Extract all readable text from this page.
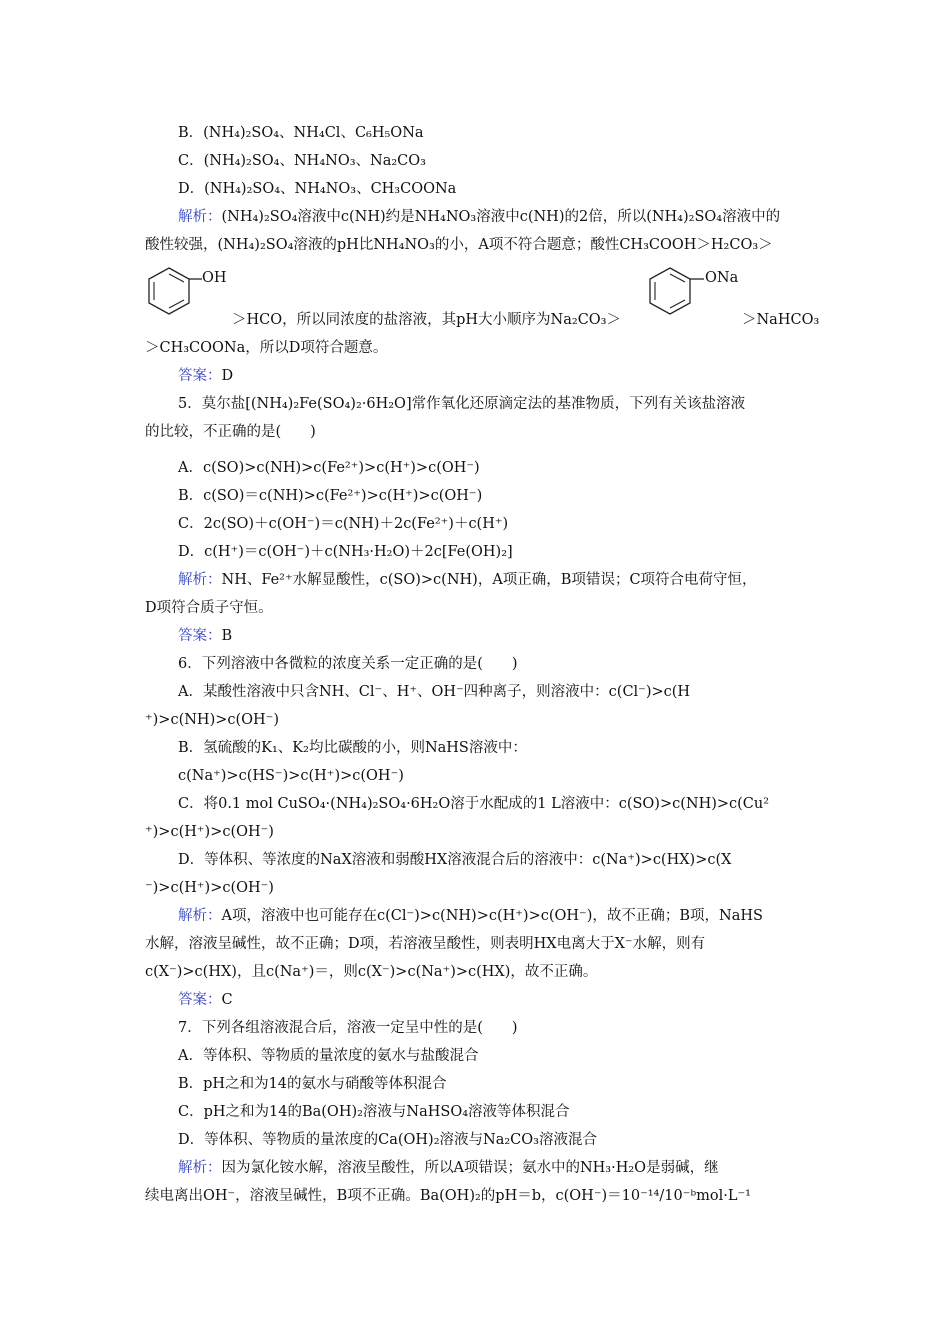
B．(NH₄)₂SO₄、NH₄Cl、C₆H₅ONa
C．(NH₄)₂SO₄、NH₄NO₃、Na₂CO₃
D．(NH₄)₂SO₄、NH₄NO₃、CH₃COONa
解析：(NH₄)₂SO₄溶液中c(NH)约是NH₄NO₃溶液中c(NH)的2倍，所以(NH₄)₂SO₄溶液中的
酸性较强，(NH₄)₂SO₄溶液的pH比NH₄NO₃的小，A项不符合题意；酸性CH₃COOH＞H₂CO₃＞
＞HCO，所以同浓度的盐溶液，其pH大小顺序为Na₂CO₃＞	＞NaHCO₃
＞CH₃COONa，所以D项符合题意。
答案：D
5．莫尔盐[(NH₄)₂Fe(SO₄)₂·6H₂O]常作氧化还原滴定法的基准物质，下列有关该盐溶液
的比较，不正确的是(　　)
A．c(SO)>c(NH)>c(Fe²⁺)>c(H⁺)>c(OH⁻)
B．c(SO)＝c(NH)>c(Fe²⁺)>c(H⁺)>c(OH⁻)
C．2c(SO)＋c(OH⁻)＝c(NH)＋2c(Fe²⁺)＋c(H⁺)
D．c(H⁺)＝c(OH⁻)＋c(NH₃·H₂O)＋2c[Fe(OH)₂]
解析：NH、Fe²⁺水解显酸性，c(SO)>c(NH)，A项正确，B项错误；C项符合电荷守恒，
D项符合质子守恒。
答案：B
6．下列溶液中各微粒的浓度关系一定正确的是(　　)
A．某酸性溶液中只含NH、Cl⁻、H⁺、OH⁻四种离子，则溶液中：c(Cl⁻)>c(H
⁺)>c(NH)>c(OH⁻)
B．氢硫酸的K₁、K₂均比碳酸的小，则NaHS溶液中：
c(Na⁺)>c(HS⁻)>c(H⁺)>c(OH⁻)
C．将0.1 mol CuSO₄·(NH₄)₂SO₄·6H₂O溶于水配成的1 L溶液中：c(SO)>c(NH)>c(Cu²
⁺)>c(H⁺)>c(OH⁻)
D．等体积、等浓度的NaX溶液和弱酸HX溶液混合后的溶液中：c(Na⁺)>c(HX)>c(X
⁻)>c(H⁺)>c(OH⁻)
解析：A项，溶液中也可能存在c(Cl⁻)>c(NH)>c(H⁺)>c(OH⁻)，故不正确；B项，NaHS
水解，溶液呈碱性，故不正确；D项，若溶液呈酸性，则表明HX电离大于X⁻水解，则有
c(X⁻)>c(HX)，且c(Na⁺)＝，则c(X⁻)>c(Na⁺)>c(HX)，故不正确。
答案：C
7．下列各组溶液混合后，溶液一定呈中性的是(　　)
A．等体积、等物质的量浓度的氨水与盐酸混合
B．pH之和为14的氨水与硝酸等体积混合
C．pH之和为14的Ba(OH)₂溶液与NaHSO₄溶液等体积混合
D．等体积、等物质的量浓度的Ca(OH)₂溶液与Na₂CO₃溶液混合
解析：因为氯化铵水解，溶液呈酸性，所以A项错误；氨水中的NH₃·H₂O是弱碱，继
续电离出OH⁻，溶液呈碱性，B项不正确。Ba(OH)₂的pH＝b，c(OH⁻)＝10⁻¹⁴/10⁻ᵇmol·L⁻¹
OH	ONa
